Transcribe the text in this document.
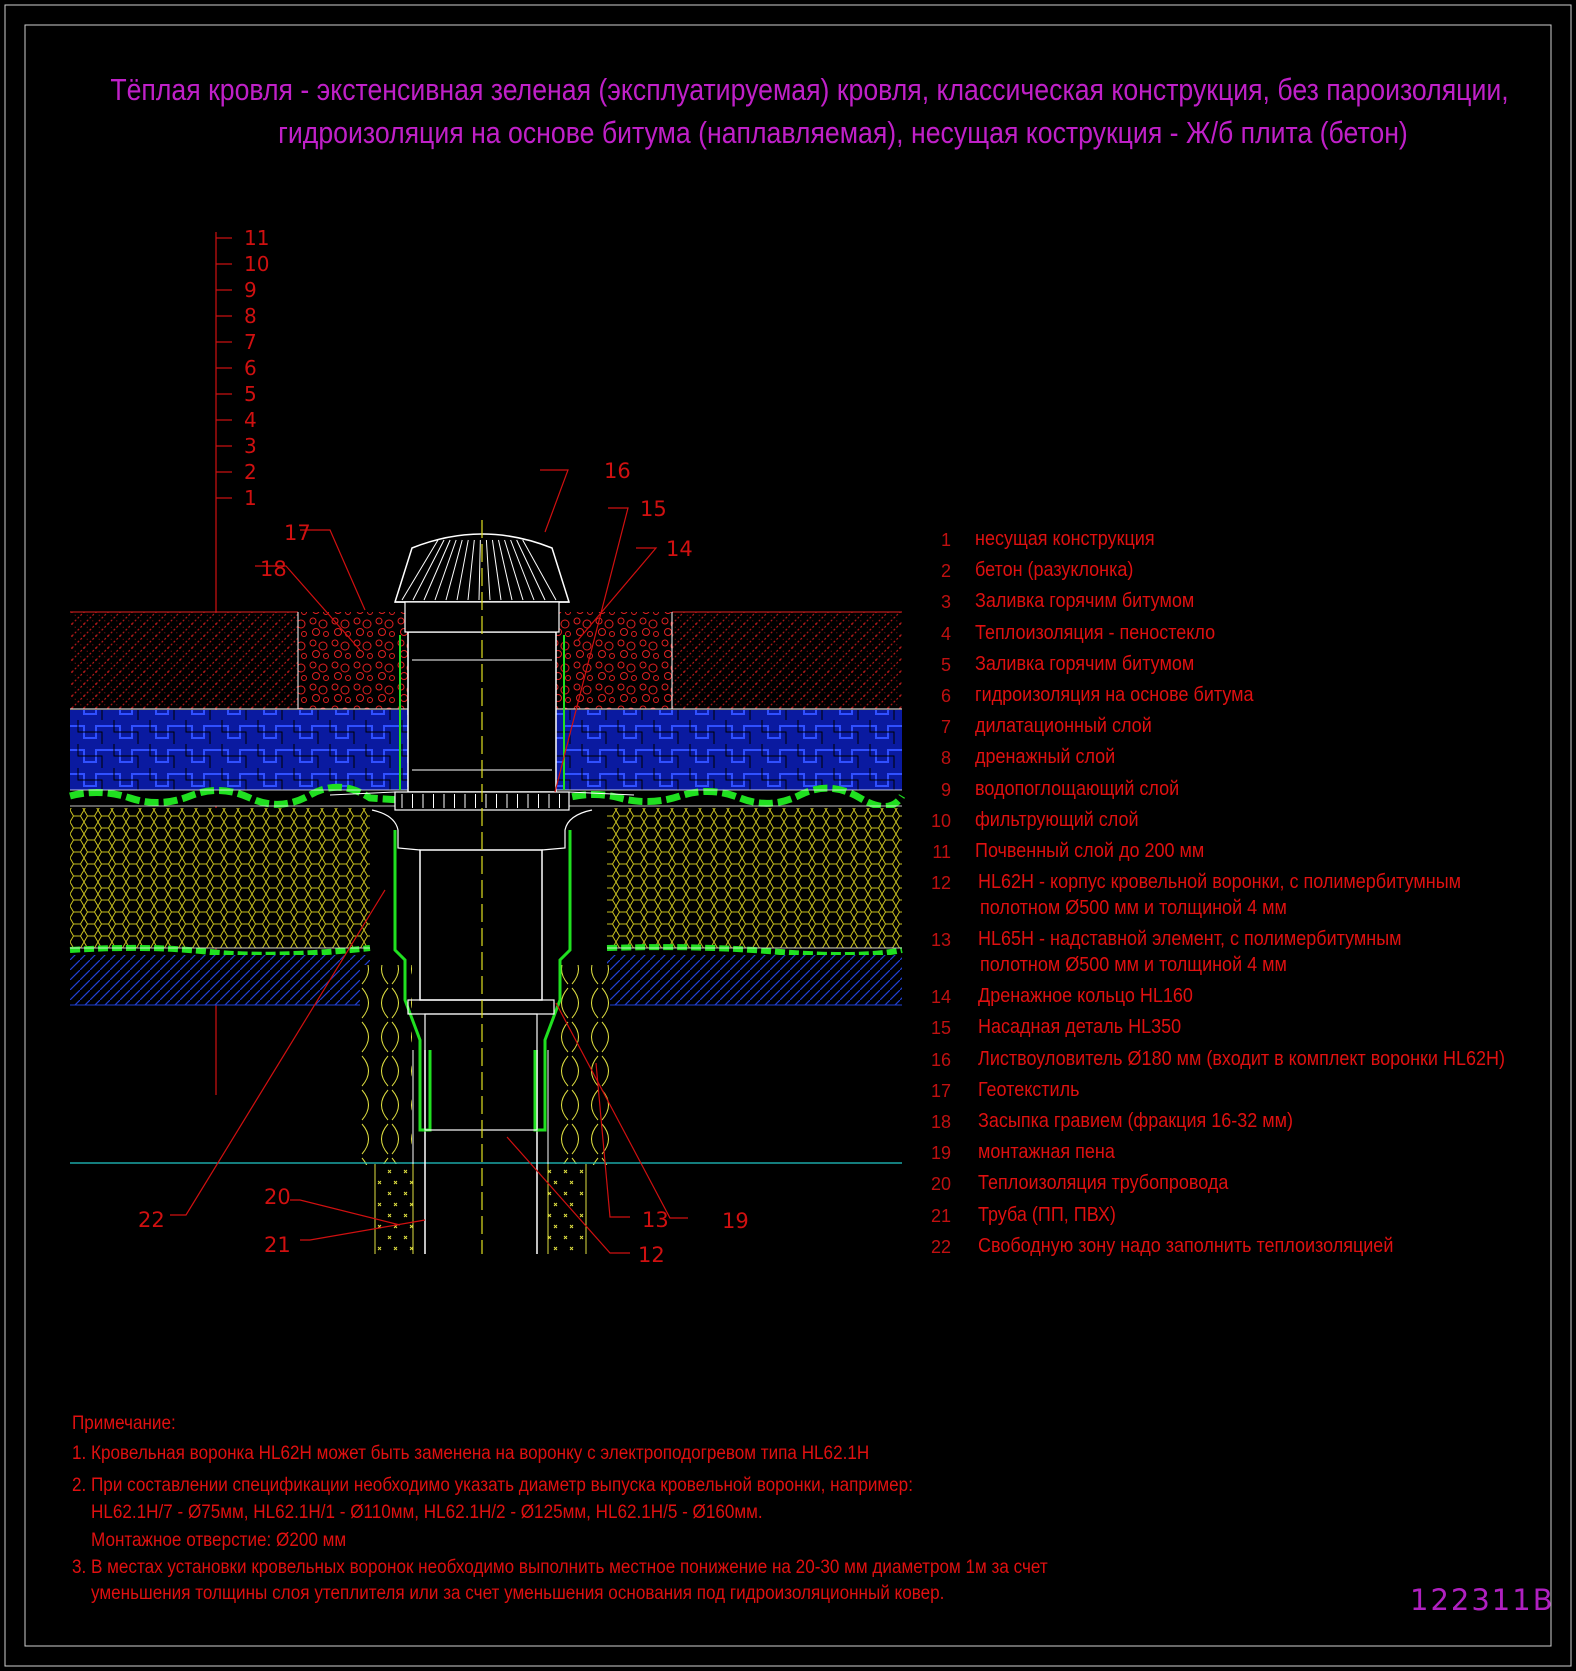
11
10
9
8
7
6
5
4
3
2
1
16
15
14
17
18
22
20
21
13	19
12
Тёплая кровля - экстенсивная зеленая (эксплуатируемая) кровля, классическая конструкция, без пароизоляции,
гидроизоляция на основе битума (наплавляемая), несущая кострукция - Ж/б плита (бетон)
1 несущая конструкция
2 бетон (разуклонка)
3 Заливка горячим битумом
4 Теплоизоляция - пеностекло
5 Заливка горячим битумом
6 гидроизоляция на основе битума
7 дилатационный слой
8 дренажный слой
9 водопоглощающий слой
10 фильтрующий слой
11 Почвенный слой до 200 мм
12 HL62H - корпус кровельной воронки, с полимербитумным
полотном Ø500 мм и толщиной 4 мм
13 HL65H - надставной элемент, с полимербитумным
полотном Ø500 мм и толщиной 4 мм
14 Дренажное кольцо HL160
15 Насадная деталь HL350
16 Листвоуловитель Ø180 мм (входит в комплект воронки HL62H)
17 Геотекстиль
18 Засыпка гравием (фракция 16-32 мм)
19 монтажная пена
20 Теплоизоляция трубопровода
21 Труба (ПП, ПВХ)
22 Свободную зону надо заполнить теплоизоляцией
Примечание:
1. Кровельная воронка HL62H может быть заменена на воронку с электроподогревом типа HL62.1H
2. При составлении спецификации необходимо указать диаметр выпуска кровельной воронки, например:
HL62.1H/7 - Ø75мм, HL62.1H/1 - Ø110мм, HL62.1H/2 - Ø125мм, HL62.1H/5 - Ø160мм.
Монтажное отверстие: Ø200 мм
3. В местах установки кровельных воронок необходимо выполнить местное понижение на 20-30 мм диаметром 1м за счет
уменьшения толщины слоя утеплителя или за счет уменьшения основания под гидроизоляционный ковер.	122311B
